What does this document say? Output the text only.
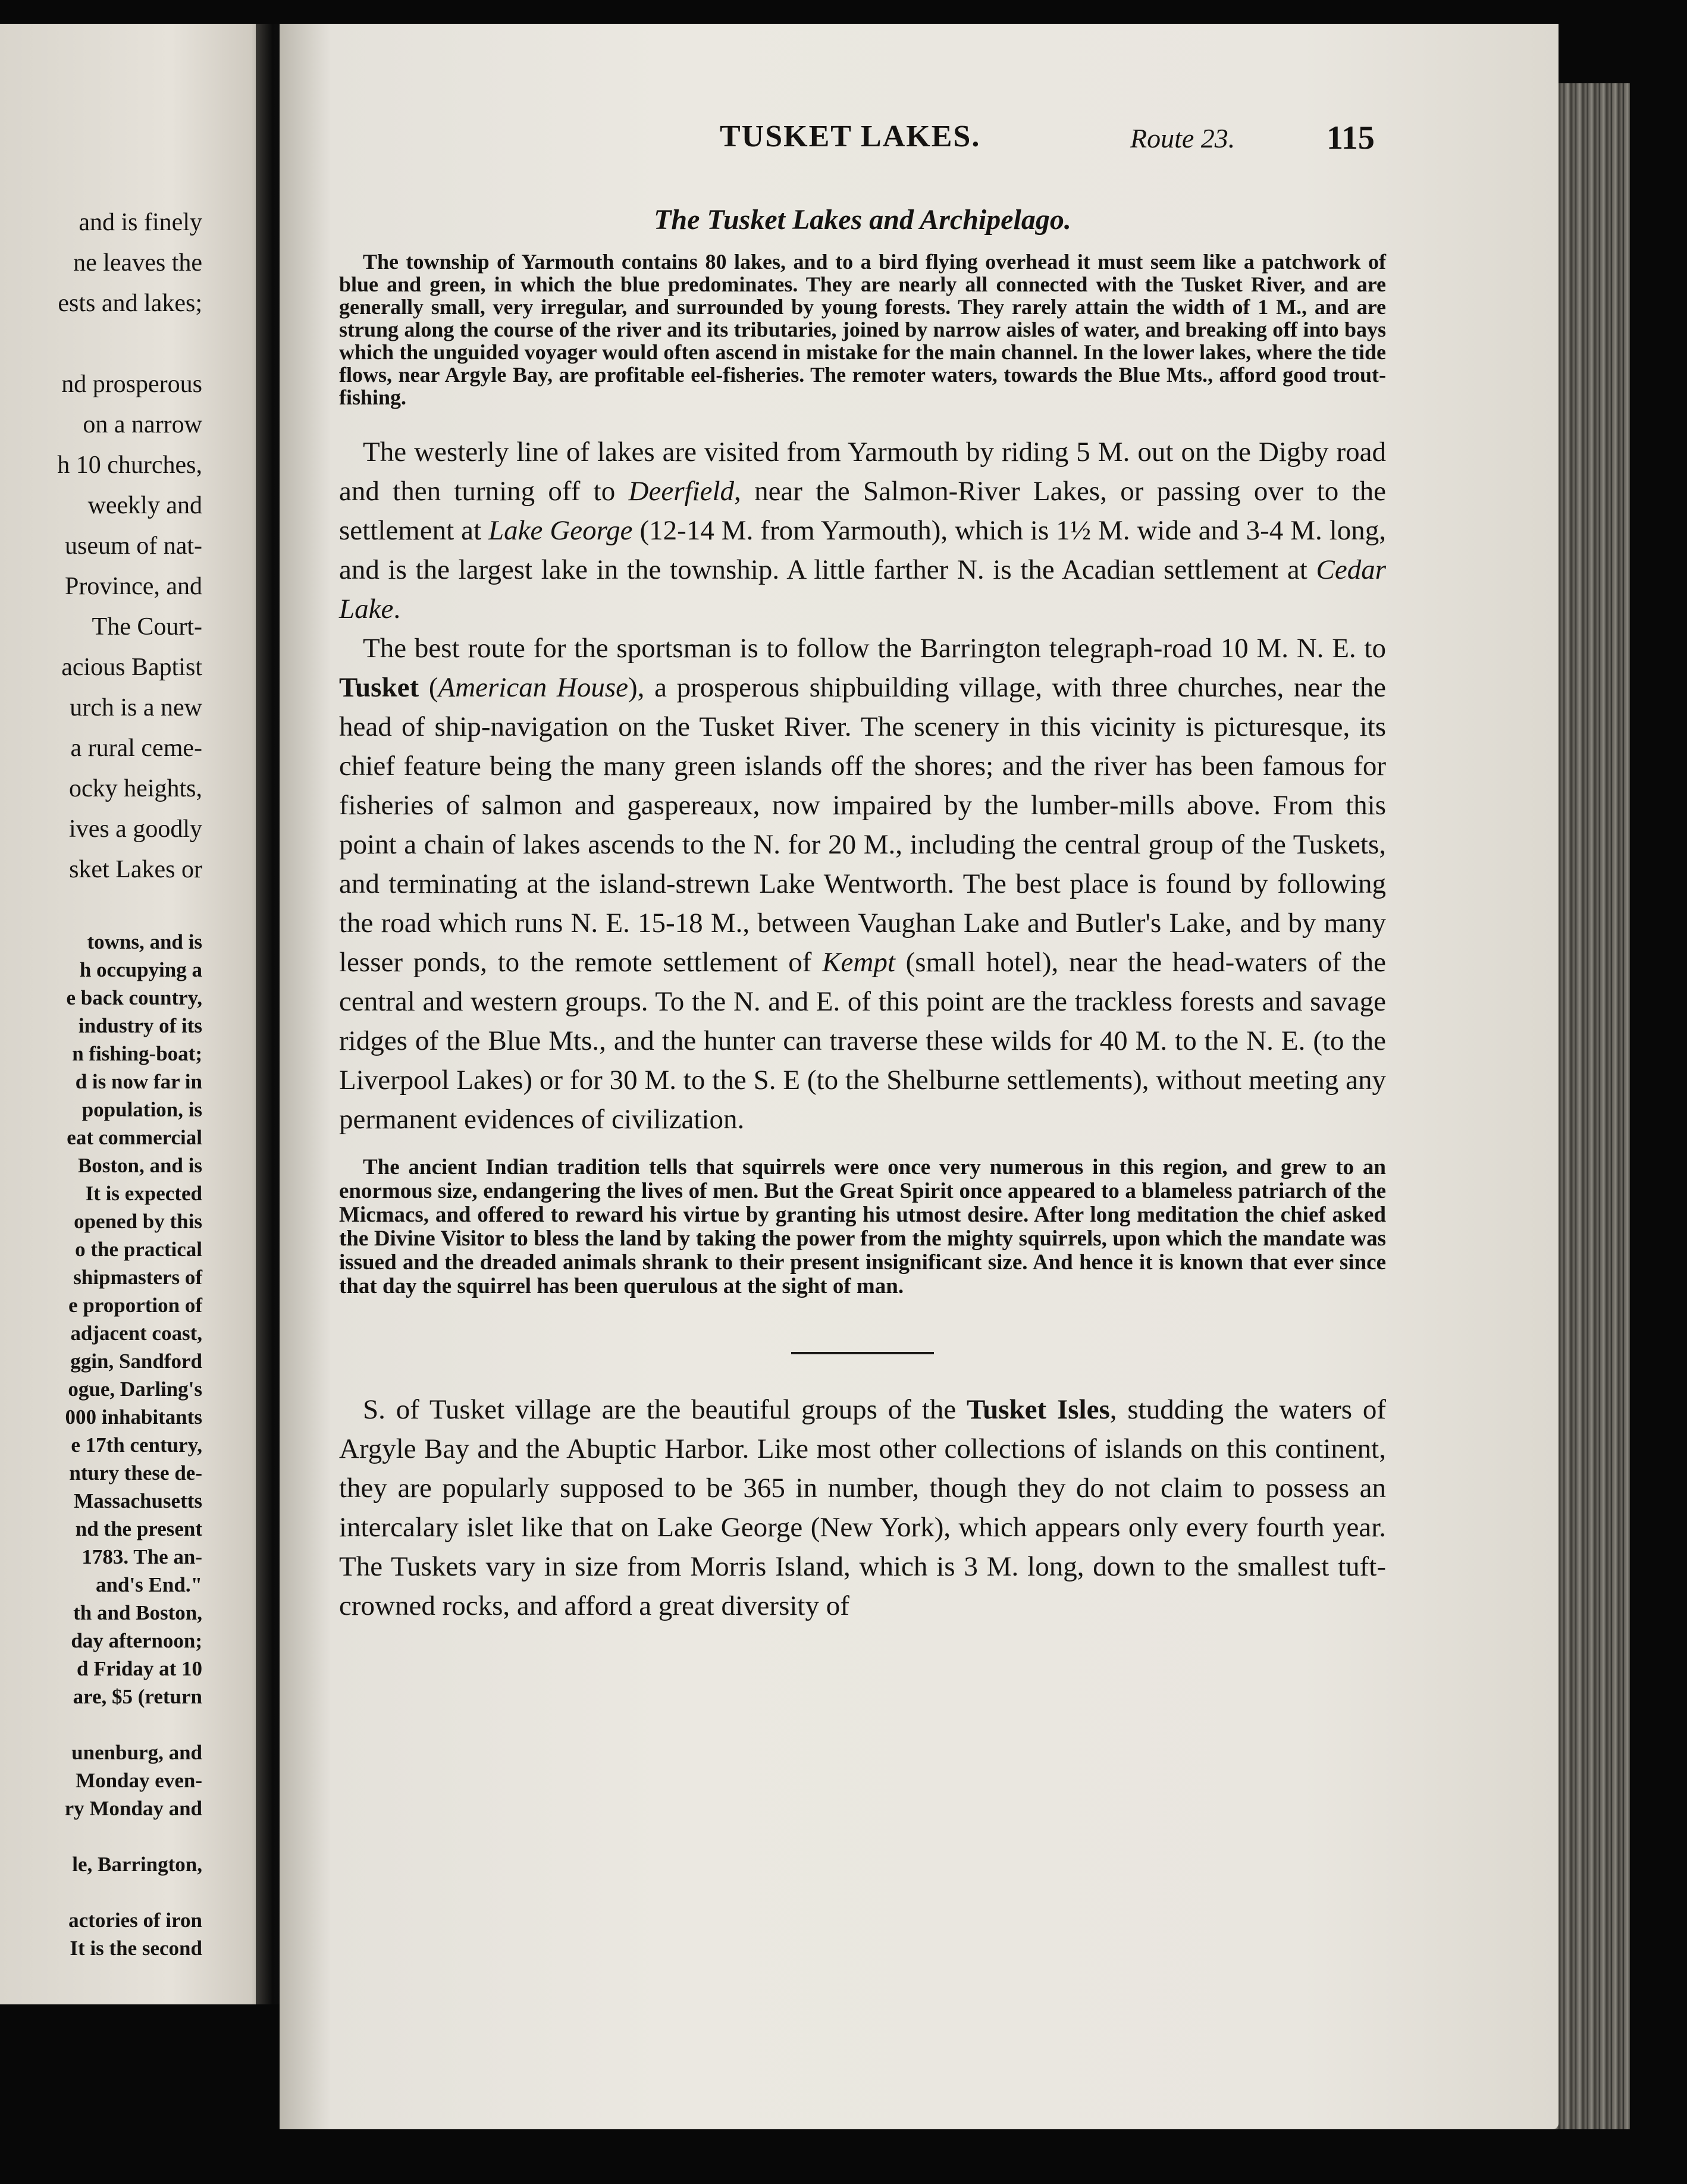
and is finely
ne leaves the
ests and lakes;
nd prosperous
on a narrow
h 10 churches,
weekly and
useum of nat-
Province, and
The Court-
acious Baptist
urch is a new
a rural ceme-
ocky heights,
ives a goodly
sket Lakes or
towns, and is
h occupying a
e back country,
industry of its
n fishing-boat;
d is now far in
population, is
eat commercial
Boston, and is
It is expected
opened by this
o the practical
shipmasters of
e proportion of
adjacent coast,
ggin, Sandford
ogue, Darling's
000 inhabitants
e 17th century,
ntury these de-
Massachusetts
nd the present
1783. The an-
and's End."
th and Boston,
day afternoon;
d Friday at 10
are, $5 (return
unenburg, and
Monday even-
ry Monday and
le, Barrington,
actories of iron
It is the second
TUSKET LAKES.	Route 23.	115
The Tusket Lakes and Archipelago.

The township of Yarmouth contains 80 lakes, and to a bird flying overhead it must seem like a patchwork of blue and green, in which the blue predominates. They are nearly all connected with the Tusket River, and are generally small, very irregular, and surrounded by young forests. They rarely attain the width of 1 M., and are strung along the course of the river and its tributaries, joined by narrow aisles of water, and breaking off into bays which the unguided voyager would often ascend in mistake for the main channel. In the lower lakes, where the tide flows, near Argyle Bay, are profitable eel-fisheries. The remoter waters, towards the Blue Mts., afford good trout-fishing.

The westerly line of lakes are visited from Yarmouth by riding 5 M. out on the Digby road and then turning off to Deerfield, near the Salmon-River Lakes, or passing over to the settlement at Lake George (12-14 M. from Yarmouth), which is 1½ M. wide and 3-4 M. long, and is the largest lake in the township. A little farther N. is the Acadian settlement at Cedar Lake.

The best route for the sportsman is to follow the Barrington telegraph-road 10 M. N. E. to Tusket (American House), a prosperous shipbuilding village, with three churches, near the head of ship-navigation on the Tusket River. The scenery in this vicinity is picturesque, its chief feature being the many green islands off the shores; and the river has been famous for fisheries of salmon and gaspereaux, now impaired by the lumber-mills above. From this point a chain of lakes ascends to the N. for 20 M., including the central group of the Tuskets, and terminating at the island-strewn Lake Wentworth. The best place is found by following the road which runs N. E. 15-18 M., between Vaughan Lake and Butler's Lake, and by many lesser ponds, to the remote settlement of Kempt (small hotel), near the head-waters of the central and western groups. To the N. and E. of this point are the trackless forests and savage ridges of the Blue Mts., and the hunter can traverse these wilds for 40 M. to the N. E. (to the Liverpool Lakes) or for 30 M. to the S. E (to the Shelburne settlements), without meeting any permanent evidences of civilization.

The ancient Indian tradition tells that squirrels were once very numerous in this region, and grew to an enormous size, endangering the lives of men. But the Great Spirit once appeared to a blameless patriarch of the Micmacs, and offered to reward his virtue by granting his utmost desire. After long meditation the chief asked the Divine Visitor to bless the land by taking the power from the mighty squirrels, upon which the mandate was issued and the dreaded animals shrank to their present insignificant size. And hence it is known that ever since that day the squirrel has been querulous at the sight of man.

S. of Tusket village are the beautiful groups of the Tusket Isles, studding the waters of Argyle Bay and the Abuptic Harbor. Like most other collections of islands on this continent, they are popularly supposed to be 365 in number, though they do not claim to possess an intercalary islet like that on Lake George (New York), which appears only every fourth year. The Tuskets vary in size from Morris Island, which is 3 M. long, down to the smallest tuft-crowned rocks, and afford a great diversity of
